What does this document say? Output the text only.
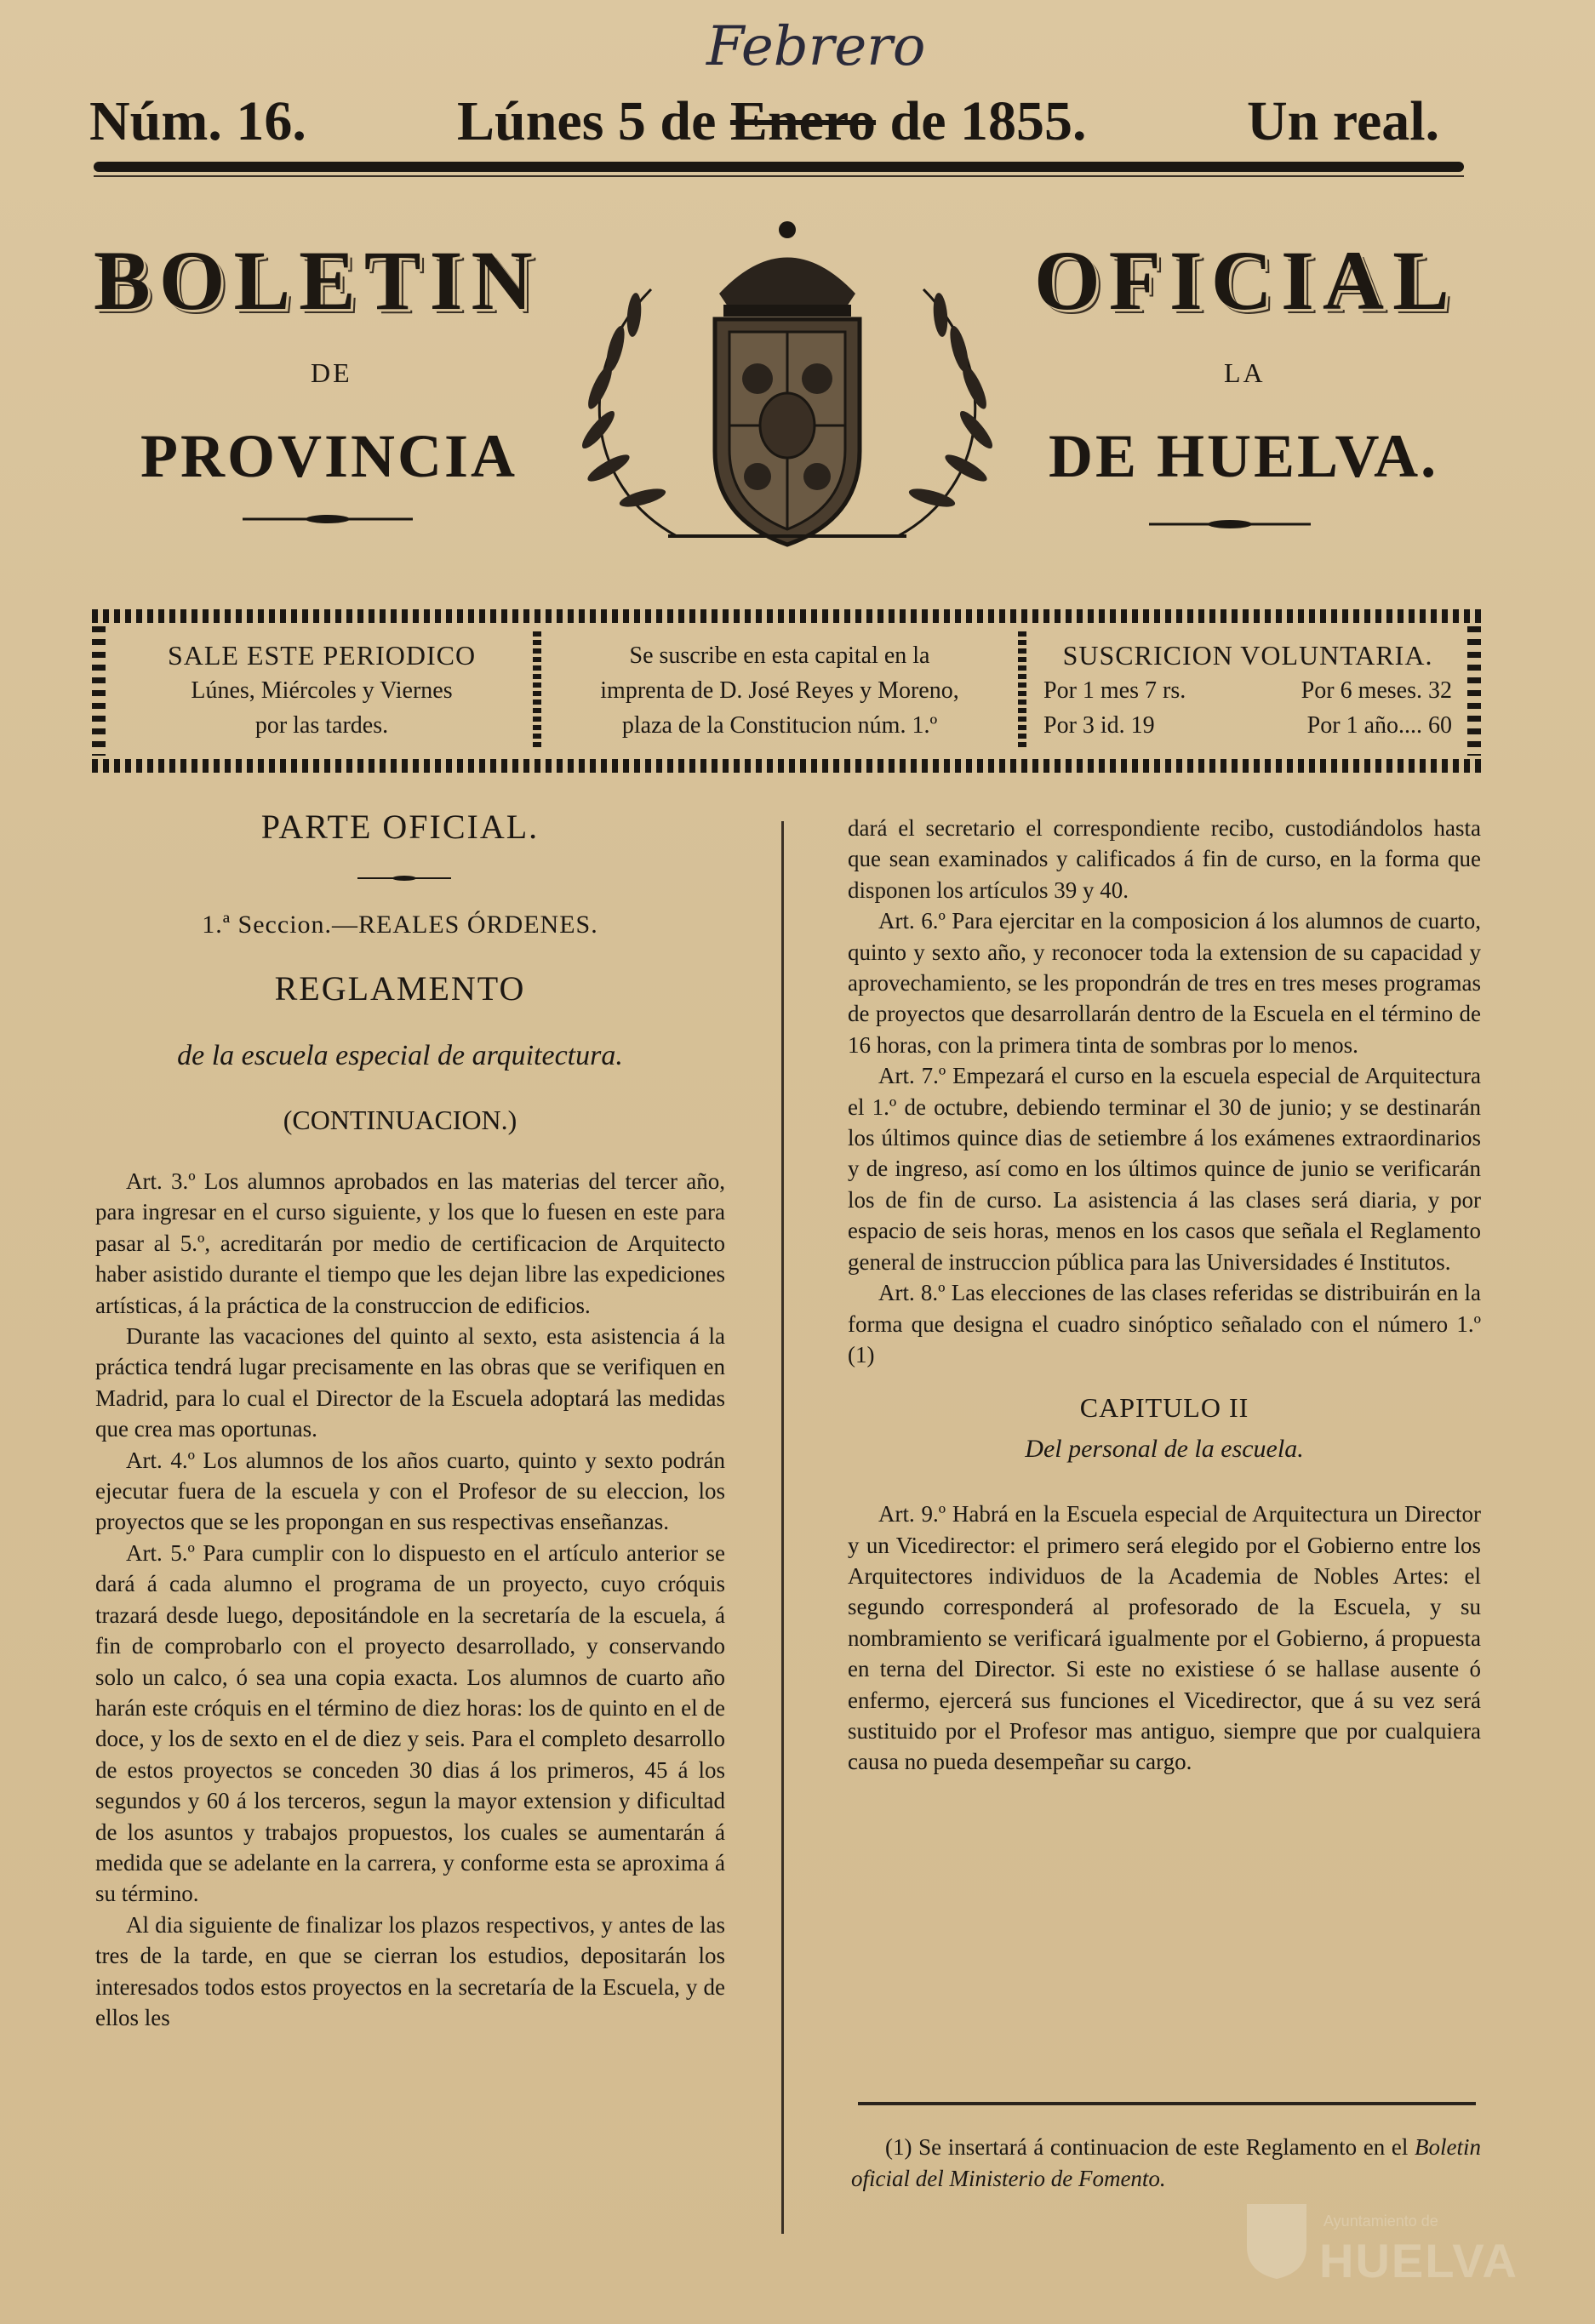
Febrero
Núm. 16.	Lúnes 5 de Enero de 1855.	Un real.
BOLETIN	OFICIAL
DE	LA
PROVINCIA	DE HUELVA.
SALE ESTE PERIODICO
Lúnes, Miércoles y Viernes
por las tardes.
Se suscribe en esta capital en la
imprenta de D. José Reyes y Moreno,
plaza de la Constitucion núm. 1.º
SUSCRICION VOLUNTARIA.
Por 1 mes 7 rs.	Por 6 meses. 32
Por 3 id. 19	Por 1 año.... 60
PARTE OFICIAL.
1.ª Seccion.—REALES ÓRDENES.
REGLAMENTO
de la escuela especial de arquitectura.
(CONTINUACION.)

Art. 3.º Los alumnos aprobados en las materias del tercer año, para ingresar en el curso siguiente, y los que lo fuesen en este para pasar al 5.º, acreditarán por medio de certificacion de Arquitecto haber asistido durante el tiempo que les dejan libre las expediciones artísticas, á la práctica de la construccion de edificios.

Durante las vacaciones del quinto al sexto, esta asistencia á la práctica tendrá lugar precisamente en las obras que se verifiquen en Madrid, para lo cual el Director de la Escuela adoptará las medidas que crea mas oportunas.

Art. 4.º Los alumnos de los años cuarto, quinto y sexto podrán ejecutar fuera de la escuela y con el Profesor de su eleccion, los proyectos que se les propongan en sus respectivas enseñanzas.

Art. 5.º Para cumplir con lo dispuesto en el artículo anterior se dará á cada alumno el programa de un proyecto, cuyo cróquis trazará desde luego, depositándole en la secretaría de la escuela, á fin de comprobarlo con el proyecto desarrollado, y conservando solo un calco, ó sea una copia exacta. Los alumnos de cuarto año harán este cróquis en el término de diez horas: los de quinto en el de doce, y los de sexto en el de diez y seis. Para el completo desarrollo de estos proyectos se conceden 30 dias á los primeros, 45 á los segundos y 60 á los terceros, segun la mayor extension y dificultad de los asuntos y trabajos propuestos, los cuales se aumentarán á medida que se adelante en la carrera, y conforme esta se aproxima á su término.

Al dia siguiente de finalizar los plazos respectivos, y antes de las tres de la tarde, en que se cierran los estudios, depositarán los interesados todos estos proyectos en la secretaría de la Escuela, y de ellos les

dará el secretario el correspondiente recibo, custodiándolos hasta que sean examinados y calificados á fin de curso, en la forma que disponen los artículos 39 y 40.

Art. 6.º Para ejercitar en la composicion á los alumnos de cuarto, quinto y sexto año, y reconocer toda la extension de su capacidad y aprovechamiento, se les propondrán de tres en tres meses programas de proyectos que desarrollarán dentro de la Escuela en el término de 16 horas, con la primera tinta de sombras por lo menos.

Art. 7.º Empezará el curso en la escuela especial de Arquitectura el 1.º de octubre, debiendo terminar el 30 de junio; y se destinarán los últimos quince dias de setiembre á los exámenes extraordinarios y de ingreso, así como en los últimos quince de junio se verificarán los de fin de curso. La asistencia á las clases será diaria, y por espacio de seis horas, menos en los casos que señala el Reglamento general de instruccion pública para las Universidades é Institutos.

Art. 8.º Las elecciones de las clases referidas se distribuirán en la forma que designa el cuadro sinóptico señalado con el número 1.º (1)

CAPITULO II
Del personal de la escuela.

Art. 9.º Habrá en la Escuela especial de Arquitectura un Director y un Vicedirector: el primero será elegido por el Gobierno entre los Arquitectores individuos de la Academia de Nobles Artes: el segundo corresponderá al profesorado de la Escuela, y su nombramiento se verificará igualmente por el Gobierno, á propuesta en terna del Director. Si este no existiese ó se hallase ausente ó enfermo, ejercerá sus funciones el Vicedirector, que á su vez será sustituido por el Profesor mas antiguo, siempre que por cualquiera causa no pueda desempeñar su cargo.

(1) Se insertará á continuacion de este Reglamento en el Boletin oficial del Ministerio de Fomento.
Ayuntamiento de
HUELVA
